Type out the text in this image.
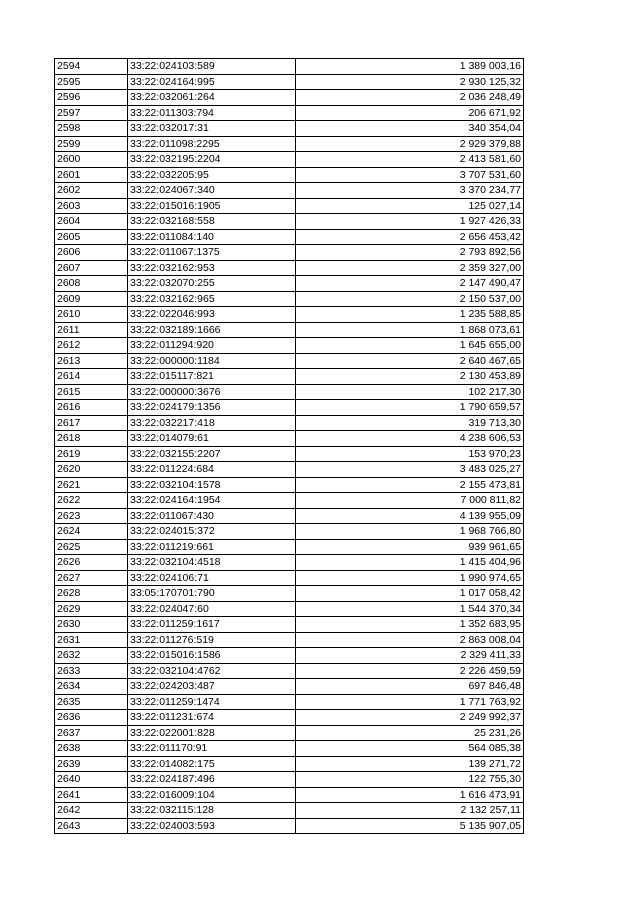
2594	33:22:024103:589	1 389 003,16
2595	33:22:024164:995	2 930 125,32
2596	33:22:032061:264	2 036 248,49
2597	33:22:011303:794	206 671,92
2598	33:22:032017:31	340 354,04
2599	33:22:011098:2295	2 929 379,88
2600	33:22:032195:2204	2 413 581,60
2601	33:22:032205:95	3 707 531,60
2602	33:22:024067:340	3 370 234,77
2603	33:22:015016:1905	125 027,14
2604	33:22:032168:558	1 927 426,33
2605	33:22:011084:140	2 656 453,42
2606	33:22:011067:1375	2 793 892,56
2607	33:22:032162:953	2 359 327,00
2608	33:22:032070:255	2 147 490,47
2609	33:22:032162:965	2 150 537,00
2610	33:22:022046:993	1 235 588,85
2611	33:22:032189:1666	1 868 073,61
2612	33:22:011294:920	1 645 655,00
2613	33:22:000000:1184	2 640 467,65
2614	33:22:015117:821	2 130 453,89
2615	33:22:000000:3676	102 217,30
2616	33:22:024179:1356	1 790 659,57
2617	33:22:032217:418	319 713,30
2618	33:22:014079:61	4 238 606,53
2619	33:22:032155:2207	153 970,23
2620	33:22:011224:684	3 483 025,27
2621	33:22:032104:1578	2 155 473,81
2622	33:22:024164:1954	7 000 811,82
2623	33:22:011067:430	4 139 955,09
2624	33:22:024015:372	1 968 766,80
2625	33:22:011219:661	939 961,65
2626	33:22:032104:4518	1 415 404,96
2627	33:22:024106:71	1 990 974,65
2628	33:05:170701:790	1 017 058,42
2629	33:22:024047:60	1 544 370,34
2630	33:22:011259:1617	1 352 683,95
2631	33:22:011276:519	2 863 008,04
2632	33:22:015016:1586	2 329 411,33
2633	33:22:032104:4762	2 226 459,59
2634	33:22:024203:487	697 846,48
2635	33:22:011259:1474	1 771 763,92
2636	33:22:011231:674	2 249 992,37
2637	33:22:022001:828	25 231,26
2638	33:22:011170:91	564 085,38
2639	33:22:014082:175	139 271,72
2640	33:22:024187:496	122 755,30
2641	33:22:016009:104	1 616 473,91
2642	33:22:032115:128	2 132 257,11
2643	33:22:024003:593	5 135 907,05
